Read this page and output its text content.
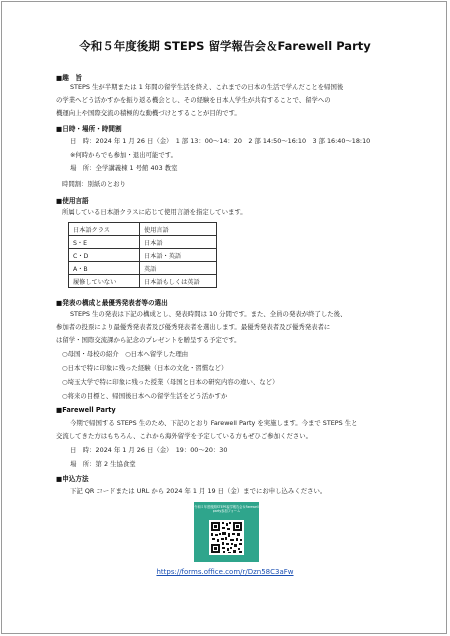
令和５年度後期 STEPS 留学報告会＆Farewell Party
■趣　旨
STEPS 生が半期または 1 年間の留学生活を終え、これまでの日本の生活で学んだことを帰国後
の学業へどう活かすかを振り返る機会とし、その経験を日本人学生が共有することで、留学への
機運向上や国際交流の積極的な動機づけとすることが目的です。
■日時・場所・時間割
日　時：2024 年 1 月 26 日（金）　1 部 13：00～14：20　2 部 14:50～16:10　3 部 16:40～18:10
※何時からでも参加・退出可能です。
場　所：全学講義棟 1 号館 403 教室
時間割：別紙のとおり
■使用言語
所属している日本語クラスに応じて使用言語を指定しています。
日本語クラス	使用言語
S・E	日本語
C・D	日本語・英語
A・B	英語
履修していない	日本語もしくは英語
■発表の構成と最優秀発表者等の選出
STEPS 生の発表は下記の構成とし、発表時間は 10 分間です。また、全員の発表が終了した後、
参加者の投票により最優秀発表者及び優秀発表者を選出します。最優秀発表者及び優秀発表者に
は留学・国際交流課から記念のプレゼントを贈呈する予定です。
○母国・母校の紹介　○日本へ留学した理由
○日本で特に印象に残った経験（日本の文化・習慣など）
○埼玉大学で特に印象に残った授業（母国と日本の研究内容の違い、など）
○将来の目標と、帰国後日本への留学生活をどう活かすか
■Farewell Party
今期で帰国する STEPS 生のため、下記のとおり Farewell Party を実施します。今まで STEPS 生と
交流してきた方はもちろん、これから海外留学を予定している方もぜひご参加ください。
日　時：2024 年 1 月 26 日（金）　19：00～20：30
場　所：第 2 生協食堂
■申込方法
下記 QR コードまたは URL から 2024 年 1 月 19 日（金）までにお申し込みください。
令和５年度後期STEPS留学報告会＆Farewell party参加フォーム
https://forms.office.com/r/Dzn58C3aFw
